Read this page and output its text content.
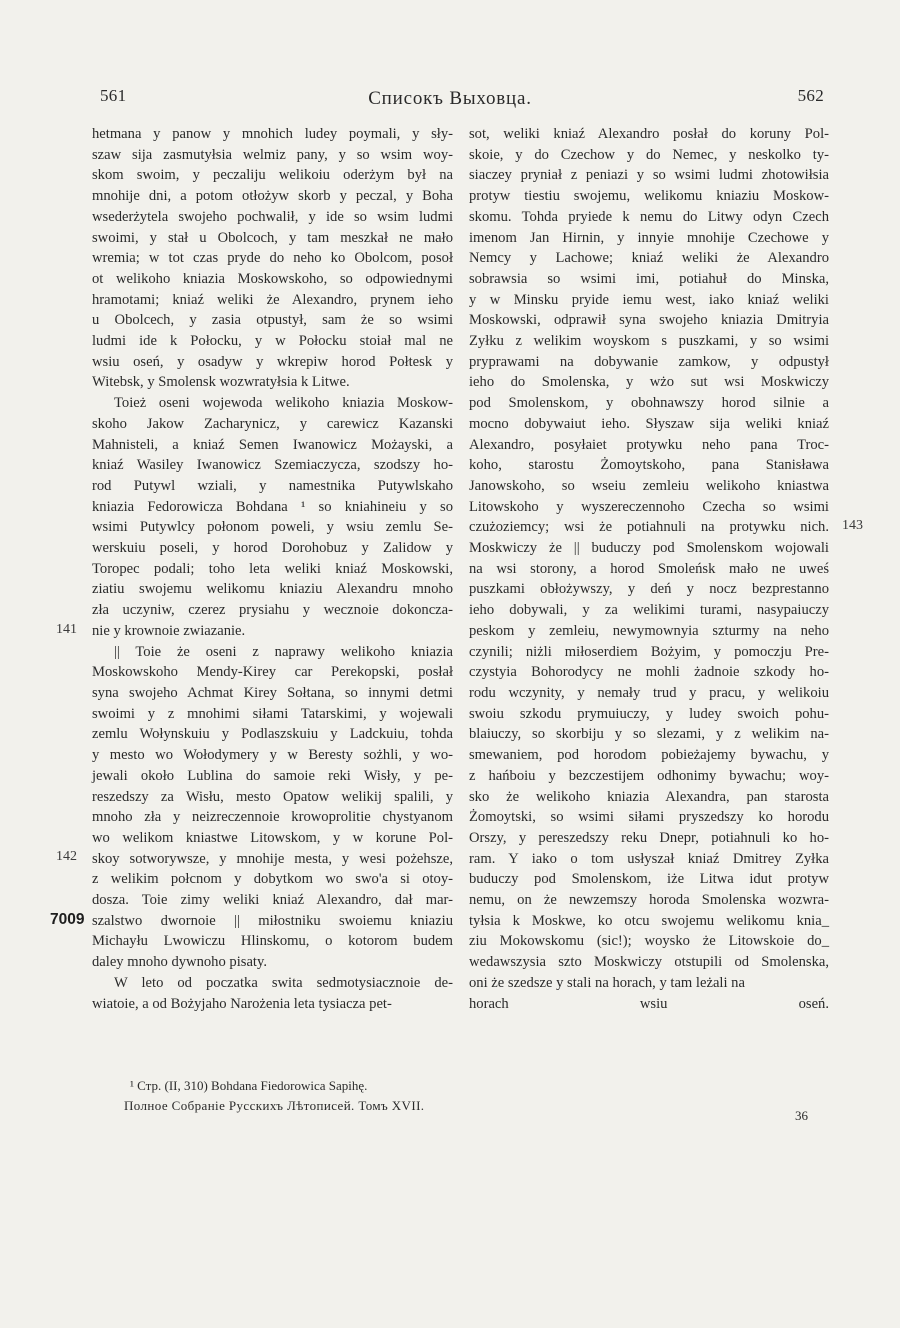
561	Списокъ Выховца.	562
hetmana y panow y mnohich ludey poymali, y sły-
szaw sija zasmutyłsia welmiz pany, y so wsim woy-
skom swoim, y peczaliju welikoiu oderżym był na
mnohije dni, a potom otłożyw skorb y peczal, y Boha
wsederżytela swojeho pochwalił, y ide so wsim ludmi
swoimi, y stał u Obolcoch, y tam meszkał ne mało
wremia; w tot czas pryde do neho ko Obolcom, posoł
ot welikoho kniazia Moskowskoho, so odpowiednymi
hramotami; kniaź weliki że Alexandro, prynem ieho
u Obolcech, y zasia otpustył, sam że so wsimi
ludmi ide k Połocku, y w Połocku stoiał mal ne
wsiu oseń, y osadyw y wkrepiw horod Połtesk y
Witebsk, y Smolensk wozwratyłsia k Litwe.
Toież oseni wojewoda welikoho kniazia Moskow-
skoho Jakow Zacharynicz, y carewicz Kazanski
Mahnisteli, a kniaź Semen Iwanowicz Możayski, a
kniaź Wasiley Iwanowicz Szemiaczycza, szodszy ho-
rod Putywl wziali, y namestnika Putywlskaho
kniazia Fedorowicza Bohdana ¹ so kniahineiu y so
wsimi Putywlcy połonom poweli, y wsiu zemlu Se-
werskuiu poseli, y horod Dorohobuz y Zalidow y
Toropec podali; toho leta weliki kniaź Moskowski,
ziatiu swojemu welikomu kniaziu Alexandru mnoho
zła uczyniw, czerez prysiahu y wecznoie dokoncza-
nie y krownoie zwiazanie.
|| Toie że oseni z naprawy welikoho kniazia
Moskowskoho Mendy-Kirey car Perekopski, posłał
syna swojeho Achmat Kirey Sołtana, so innymi detmi
swoimi y z mnohimi siłami Tatarskimi, y wojewali
zemlu Wołynskuiu y Podlaszskuiu y Ladckuiu, tohda
y mesto wo Wołodymery y w Beresty sożhli, y wo-
jewali około Lublina do samoie reki Wisły, y pe-
reszedszy za Wisłu, mesto Opatow welikij spalili, y
mnoho zła y neizreczennoie krowoprolitie chystyanom
wo welikom kniastwe Litowskom, y w korune Pol-
skoy sotworywsze, y mnohije mesta, y wesi pożehsze,
z welikim połcnom y dobytkom wo swo'a si otoy-
dosza. Toie zimy weliki kniaź Alexandro, dał mar-
szalstwo dwornoie || miłostniku swoiemu kniaziu
Michayłu Lwowiczu Hlinskomu, o kotorom budem
daley mnoho dywnoho pisaty.
W leto od poczatka swita sedmotysiacznoie de-
wiatoie, a od Bożyjaho Narożenia leta tysiacza pet-
sot, weliki kniaź Alexandro posłał do koruny Pol-
skoie, y do Czechow y do Nemec, y neskolko ty-
siaczey pryniał z peniazi y so wsimi ludmi zhotowiłsia
protyw tiestiu swojemu, welikomu kniaziu Moskow-
skomu. Tohda pryiede k nemu do Litwy odyn Czech
imenom Jan Hirnin, y innyie mnohije Czechowe y
Nemcy y Lachowe; kniaź weliki że Alexandro
sobrawsia so wsimi imi, potiahuł do Minska,
y w Minsku pryide iemu west, iako kniaź weliki
Moskowski, odprawił syna swojeho kniazia Dmitryia
Zyłku z welikim woyskom s puszkami, y so wsimi
pryprawami na dobywanie zamkow, y odpustył
ieho do Smolenska, y wżo sut wsi Moskwiczy
pod Smolenskom, y obohnawszy horod silnie a
mocno dobywaiut ieho. Słyszaw sija weliki kniaź
Alexandro, posyłaiet protywku neho pana Troc-
koho, starostu Żomoytskoho, pana Stanisława
Janowskoho, so wseiu zemleiu welikoho kniastwa
Litowskoho y wyszereczennoho Czecha so wsimi
czużoziemcy; wsi że potiahnuli na protywku nich.
Moskwiczy że || buduczy pod Smolenskom wojowali
na wsi storony, a horod Smoleńsk mało ne uweś
puszkami obłożywszy, y deń y nocz bezprestanno
ieho dobywali, y za welikimi turami, nasypaiuczy
peskom y zemleiu, newymownyia szturmy na neho
czynili; niżli miłoserdiem Bożyim, y pomoczju Pre-
czystyia Bohorodycy ne mohli żadnoie szkody ho-
rodu wczynity, y nemały trud y pracu, y welikoiu
swoiu szkodu prymuiuczy, y ludey swoich pohu-
blaiuczy, so skorbiju y so slezami, y z welikim na-
smewaniem, pod horodom pobieżajemy bywachu, y
z hańboiu y bezczestijem odhonimy bywachu; woy-
sko że welikoho kniazia Alexandra, pan starosta
Żomoytski, so wsimi siłami pryszedszy ko horodu
Orszy, y pereszedszy reku Dnepr, potiahnuli ko ho-
ram. Y iako o tom usłyszał kniaź Dmitrey Zyłka
buduczy pod Smolenskom, iże Litwa idut protyw
nemu, on że newzemszy horoda Smolenska wozwra-
tyłsia k Moskwe, ko otcu swojemu welikomu knia_
ziu Mokowskomu (sic!); woysko że Litowskoie do_
wedawszysia szto Moskwiczy otstupili od Smolenska,
oni że szedsze y stali na horach, y tam leżali na
horach wsiu oseń.
141
142
7009
143
¹ Стр. (II, 310) Bohdana Fiedorowica Sapihę.
Полное Собраніе Русскихъ Лѣтописей. Томъ XVII.
36
